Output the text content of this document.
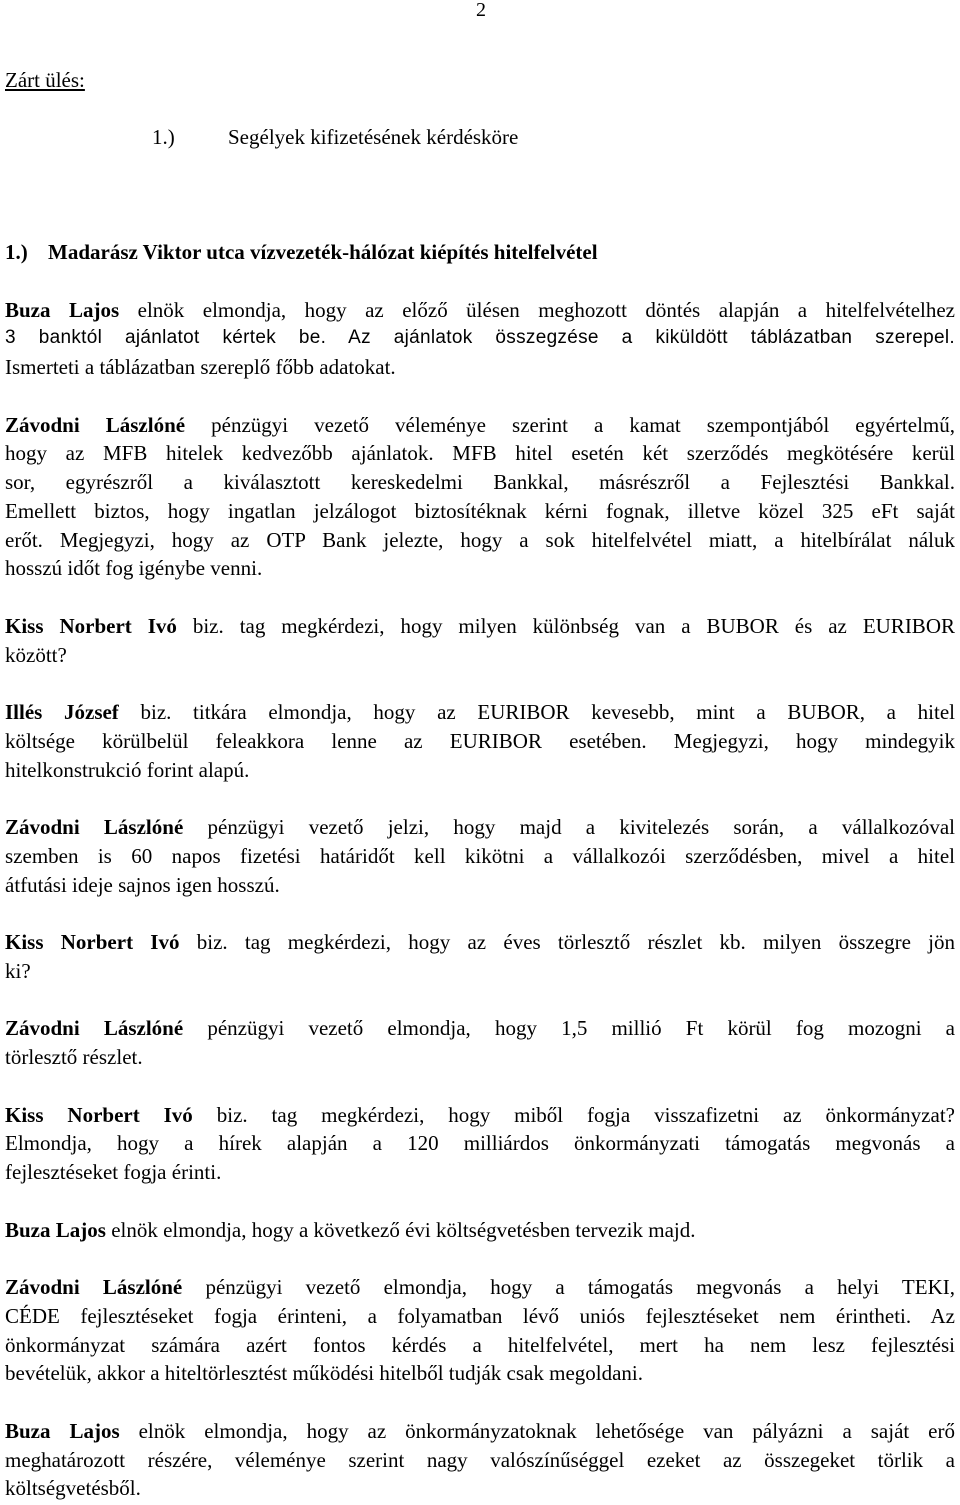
2
Zárt ülés:
1.)	Segélyek kifizetésének kérdésköre
1.) Madarász Viktor utca vízvezeték-hálózat kiépítés hitelfelvétel
Buza Lajos elnök elmondja, hogy az előző ülésen meghozott döntés alapján a hitelfelvételhez
3 banktól ajánlatot kértek be. Az ajánlatok összegzése a kiküldött táblázatban szerepel.
Ismerteti a táblázatban szereplő főbb adatokat.
Závodni Lászlóné pénzügyi vezető véleménye szerint a kamat szempontjából egyértelmű,
hogy az MFB hitelek kedvezőbb ajánlatok. MFB hitel esetén két szerződés megkötésére kerül
sor, egyrészről a kiválasztott kereskedelmi Bankkal, másrészről a Fejlesztési Bankkal.
Emellett biztos, hogy ingatlan jelzálogot biztosítéknak kérni fognak, illetve közel 325 eFt saját
erőt. Megjegyzi, hogy az OTP Bank jelezte, hogy a sok hitelfelvétel miatt, a hitelbírálat náluk
hosszú időt fog igénybe venni.
Kiss Norbert Ivó biz. tag megkérdezi, hogy milyen különbség van a BUBOR és az EURIBOR
között?
Illés József biz. titkára elmondja, hogy az EURIBOR kevesebb, mint a BUBOR, a hitel
költsége körülbelül feleakkora lenne az EURIBOR esetében. Megjegyzi, hogy mindegyik
hitelkonstrukció forint alapú.
Závodni Lászlóné pénzügyi vezető jelzi, hogy majd a kivitelezés során, a vállalkozóval
szemben is 60 napos fizetési határidőt kell kikötni a vállalkozói szerződésben, mivel a hitel
átfutási ideje sajnos igen hosszú.
Kiss Norbert Ivó biz. tag megkérdezi, hogy az éves törlesztő részlet kb. milyen összegre jön
ki?
Závodni Lászlóné pénzügyi vezető elmondja, hogy 1,5 millió Ft körül fog mozogni a
törlesztő részlet.
Kiss Norbert Ivó biz. tag megkérdezi, hogy miből fogja visszafizetni az önkormányzat?
Elmondja, hogy a hírek alapján a 120 milliárdos önkormányzati támogatás megvonás a
fejlesztéseket fogja érinti.
Buza Lajos elnök elmondja, hogy a következő évi költségvetésben tervezik majd.
Závodni Lászlóné pénzügyi vezető elmondja, hogy a támogatás megvonás a helyi TEKI,
CÉDE fejlesztéseket fogja érinteni, a folyamatban lévő uniós fejlesztéseket nem érintheti. Az
önkormányzat számára azért fontos kérdés a hitelfelvétel, mert ha nem lesz fejlesztési
bevételük, akkor a hiteltörlesztést működési hitelből tudják csak megoldani.
Buza Lajos elnök elmondja, hogy az önkormányzatoknak lehetősége van pályázni a saját erő
meghatározott részére, véleménye szerint nagy valószínűséggel ezeket az összegeket törlik a
költségvetésből.
